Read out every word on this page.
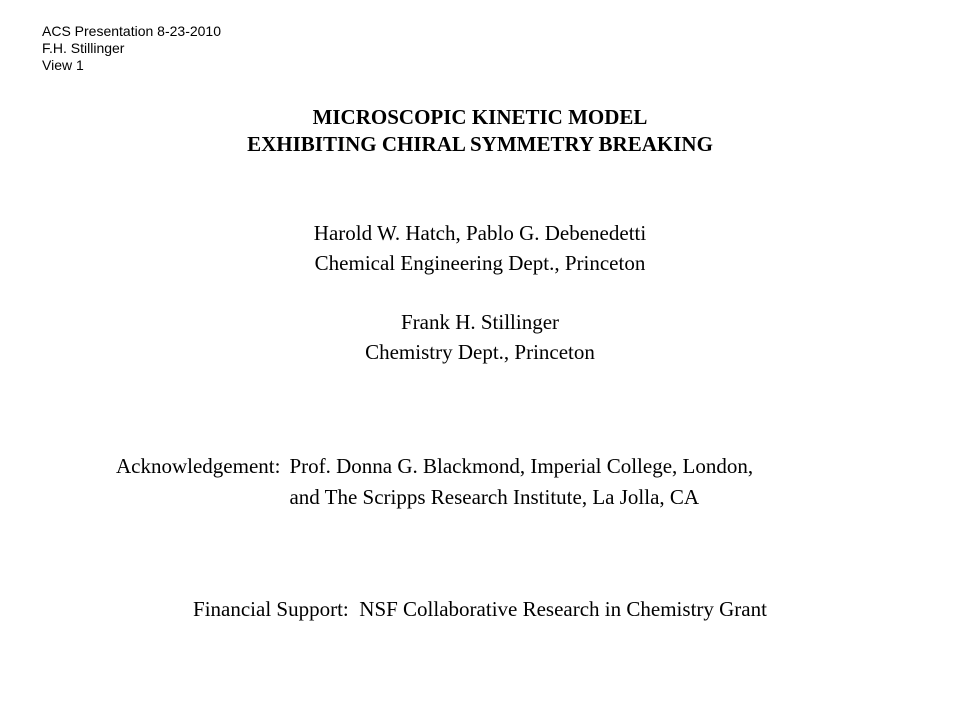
ACS Presentation 8-23-2010
F.H. Stillinger
View 1
MICROSCOPIC KINETIC MODEL
EXHIBITING CHIRAL SYMMETRY BREAKING
Harold W. Hatch, Pablo G. Debenedetti
Chemical Engineering Dept., Princeton
Frank H. Stillinger
Chemistry Dept., Princeton
Acknowledgement: Prof. Donna G. Blackmond, Imperial College, London,
and The Scripps Research Institute, La Jolla, CA
Financial Support: NSF Collaborative Research in Chemistry Grant
